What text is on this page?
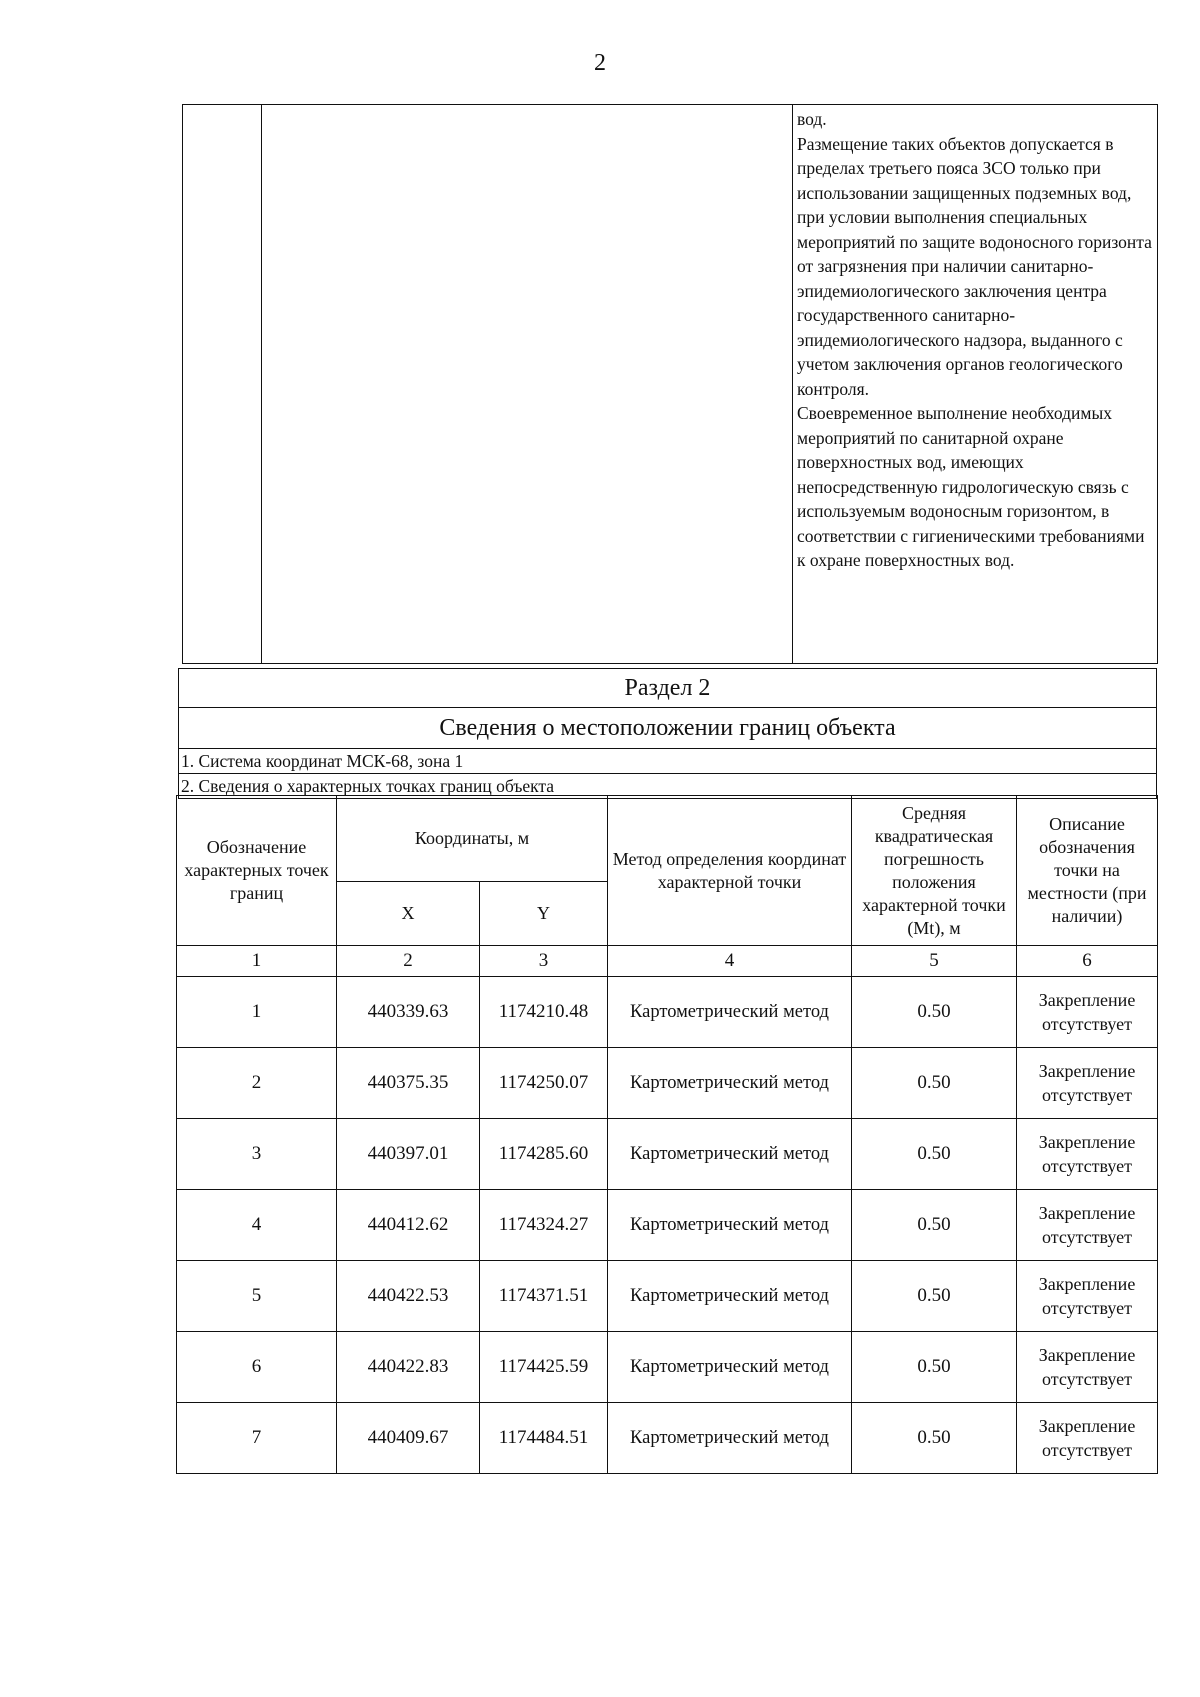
2

вод.
Размещение таких объектов допускается в пределах третьего пояса ЗСО только при использовании защищенных подземных вод, при условии выполнения специальных мероприятий по защите водоносного горизонта от загрязнения при наличии санитарно-эпидемиологического заключения центра государственного санитарно-эпидемиологического надзора, выданного с учетом заключения органов геологического контроля.
Своевременное выполнение необходимых мероприятий по санитарной охране поверхностных вод, имеющих непосредственную гидрологическую связь с используемым водоносным горизонтом, в соответствии с гигиеническими требованиями к охране поверхностных вод.
Раздел 2
Сведения о местоположении границ объекта
1. Система координат МСК-68, зона 1
2. Сведения о характерных точках границ объекта
Обозначение характерных точек границ	Координаты, м		Метод определения координат характерной точки	Средняя квадратическая погрешность положения характерной точки (Mt), м	Описание обозначения точки на местности (при наличии)
	X	Y			
1	2	3	4	5	6
1	440339.63	1174210.48	Картометрический метод	0.50	Закрепление отсутствует
2	440375.35	1174250.07	Картометрический метод	0.50	Закрепление отсутствует
3	440397.01	1174285.60	Картометрический метод	0.50	Закрепление отсутствует
4	440412.62	1174324.27	Картометрический метод	0.50	Закрепление отсутствует
5	440422.53	1174371.51	Картометрический метод	0.50	Закрепление отсутствует
6	440422.83	1174425.59	Картометрический метод	0.50	Закрепление отсутствует
7	440409.67	1174484.51	Картометрический метод	0.50	Закрепление отсутствует
